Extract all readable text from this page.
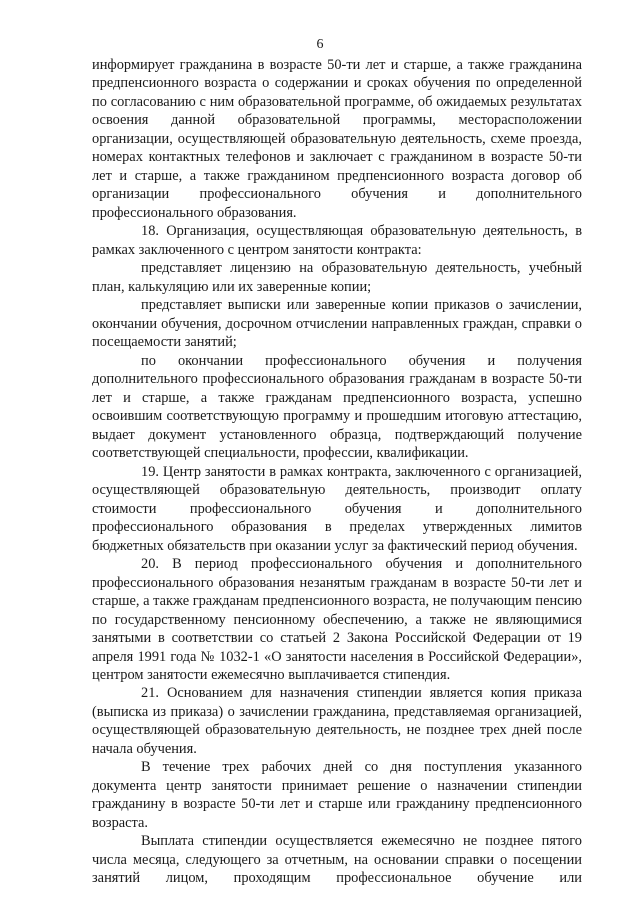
6

информирует гражданина в возрасте 50-ти лет и старше, а также гражданина предпенсионного возраста о содержании и сроках обучения по определенной по согласованию с ним образовательной программе, об ожидаемых результатах освоения данной образовательной программы, месторасположении организации, осуществляющей образовательную деятельность, схеме проезда, номерах контактных телефонов и заключает с гражданином в возрасте 50-ти лет и старше, а также гражданином предпенсионного возраста договор об организации профессионального обучения и дополнительного профессионального образования.

18. Организация, осуществляющая образовательную деятельность, в рамках заключенного с центром занятости контракта:

представляет лицензию на образовательную деятельность, учебный план, калькуляцию или их заверенные копии;

представляет выписки или заверенные копии приказов о зачислении, окончании обучения, досрочном отчислении направленных граждан, справки о посещаемости занятий;

по окончании профессионального обучения и получения дополнительного профессионального образования гражданам в возрасте 50-ти лет и старше, а также гражданам предпенсионного возраста, успешно освоившим соответствующую программу и прошедшим итоговую аттестацию, выдает документ установленного образца, подтверждающий получение соответствующей специальности, профессии, квалификации.

19. Центр занятости в рамках контракта, заключенного с организацией, осуществляющей образовательную деятельность, производит оплату стоимости профессионального обучения и дополнительного профессионального образования в пределах утвержденных лимитов бюджетных обязательств при оказании услуг за фактический период обучения.

20. В период профессионального обучения и дополнительного профессионального образования незанятым гражданам в возрасте 50-ти лет и старше, а также гражданам предпенсионного возраста, не получающим пенсию по государственному пенсионному обеспечению, а также не являющимися занятыми в соответствии со статьей 2 Закона Российской Федерации от 19 апреля 1991 года № 1032-1 «О занятости населения в Российской Федерации», центром занятости ежемесячно выплачивается стипендия.

21. Основанием для назначения стипендии является копия приказа (выписка из приказа) о зачислении гражданина, представляемая организацией, осуществляющей образовательную деятельность, не позднее трех дней после начала обучения.

В течение трех рабочих дней со дня поступления указанного документа центр занятости принимает решение о назначении стипендии гражданину в возрасте 50-ти лет и старше или гражданину предпенсионного возраста.

Выплата стипендии осуществляется ежемесячно не позднее пятого числа месяца, следующего за отчетным, на основании справки о посещении занятий лицом, проходящим профессиональное обучение или
